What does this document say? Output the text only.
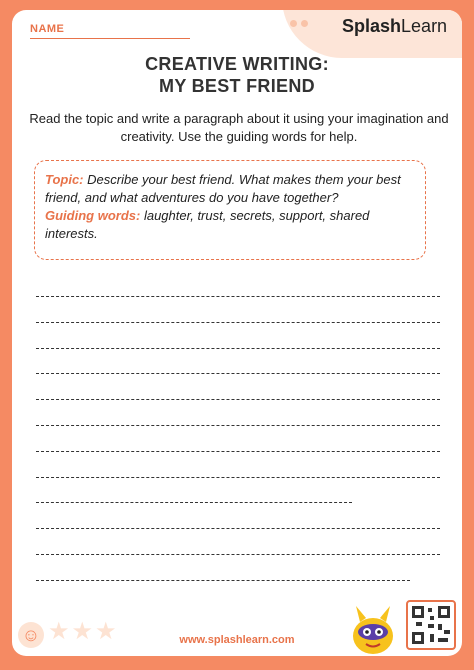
SplashLearn
NAME
CREATIVE WRITING:
MY BEST FRIEND
Read the topic and write a paragraph about it using your imagination and creativity. Use the guiding words for help.
Topic: Describe your best friend. What makes them your best friend, and what adventures do you have together?
Guiding words: laughter, trust, secrets, support, shared interests.
☺ ★★★	www.splashlearn.com
